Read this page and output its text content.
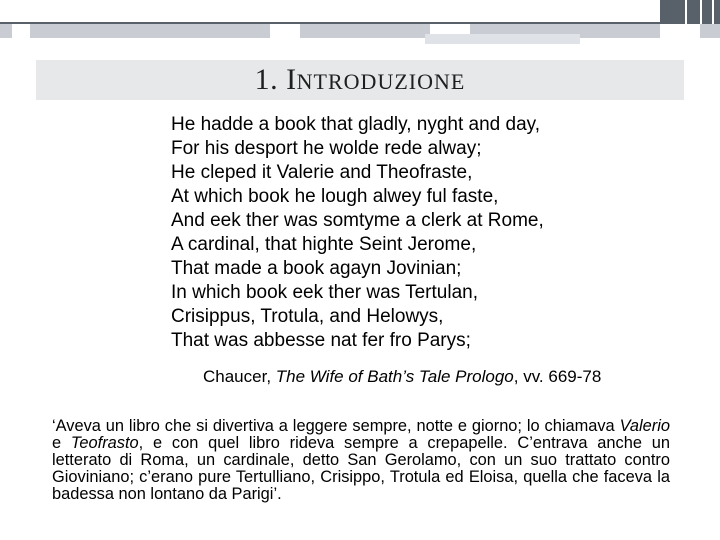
1. INTRODUZIONE
He hadde a book that gladly, nyght and day,
For his desport he wolde rede alway;
He cleped it Valerie and Theofraste,
At which book he lough alwey ful faste,
And eek ther was somtyme a clerk at Rome,
A cardinal, that highte Seint Jerome,
That made a book agayn Jovinian;
In which book eek ther was Tertulan,
Crisippus, Trotula, and Helowys,
That was abbesse nat fer fro Parys;
Chaucer, The Wife of Bath’s Tale Prologo, vv. 669-78

‘Aveva un libro che si divertiva a leggere sempre, notte e giorno; lo chiamava Valerio e Teofrasto, e con quel libro rideva sempre a crepapelle. C’entrava anche un letterato di Roma, un cardinale, detto San Gerolamo, con un suo trattato contro Gioviniano; c’erano pure Tertulliano, Crisippo, Trotula ed Eloisa, quella che faceva la badessa non lontano da Parigi’.
